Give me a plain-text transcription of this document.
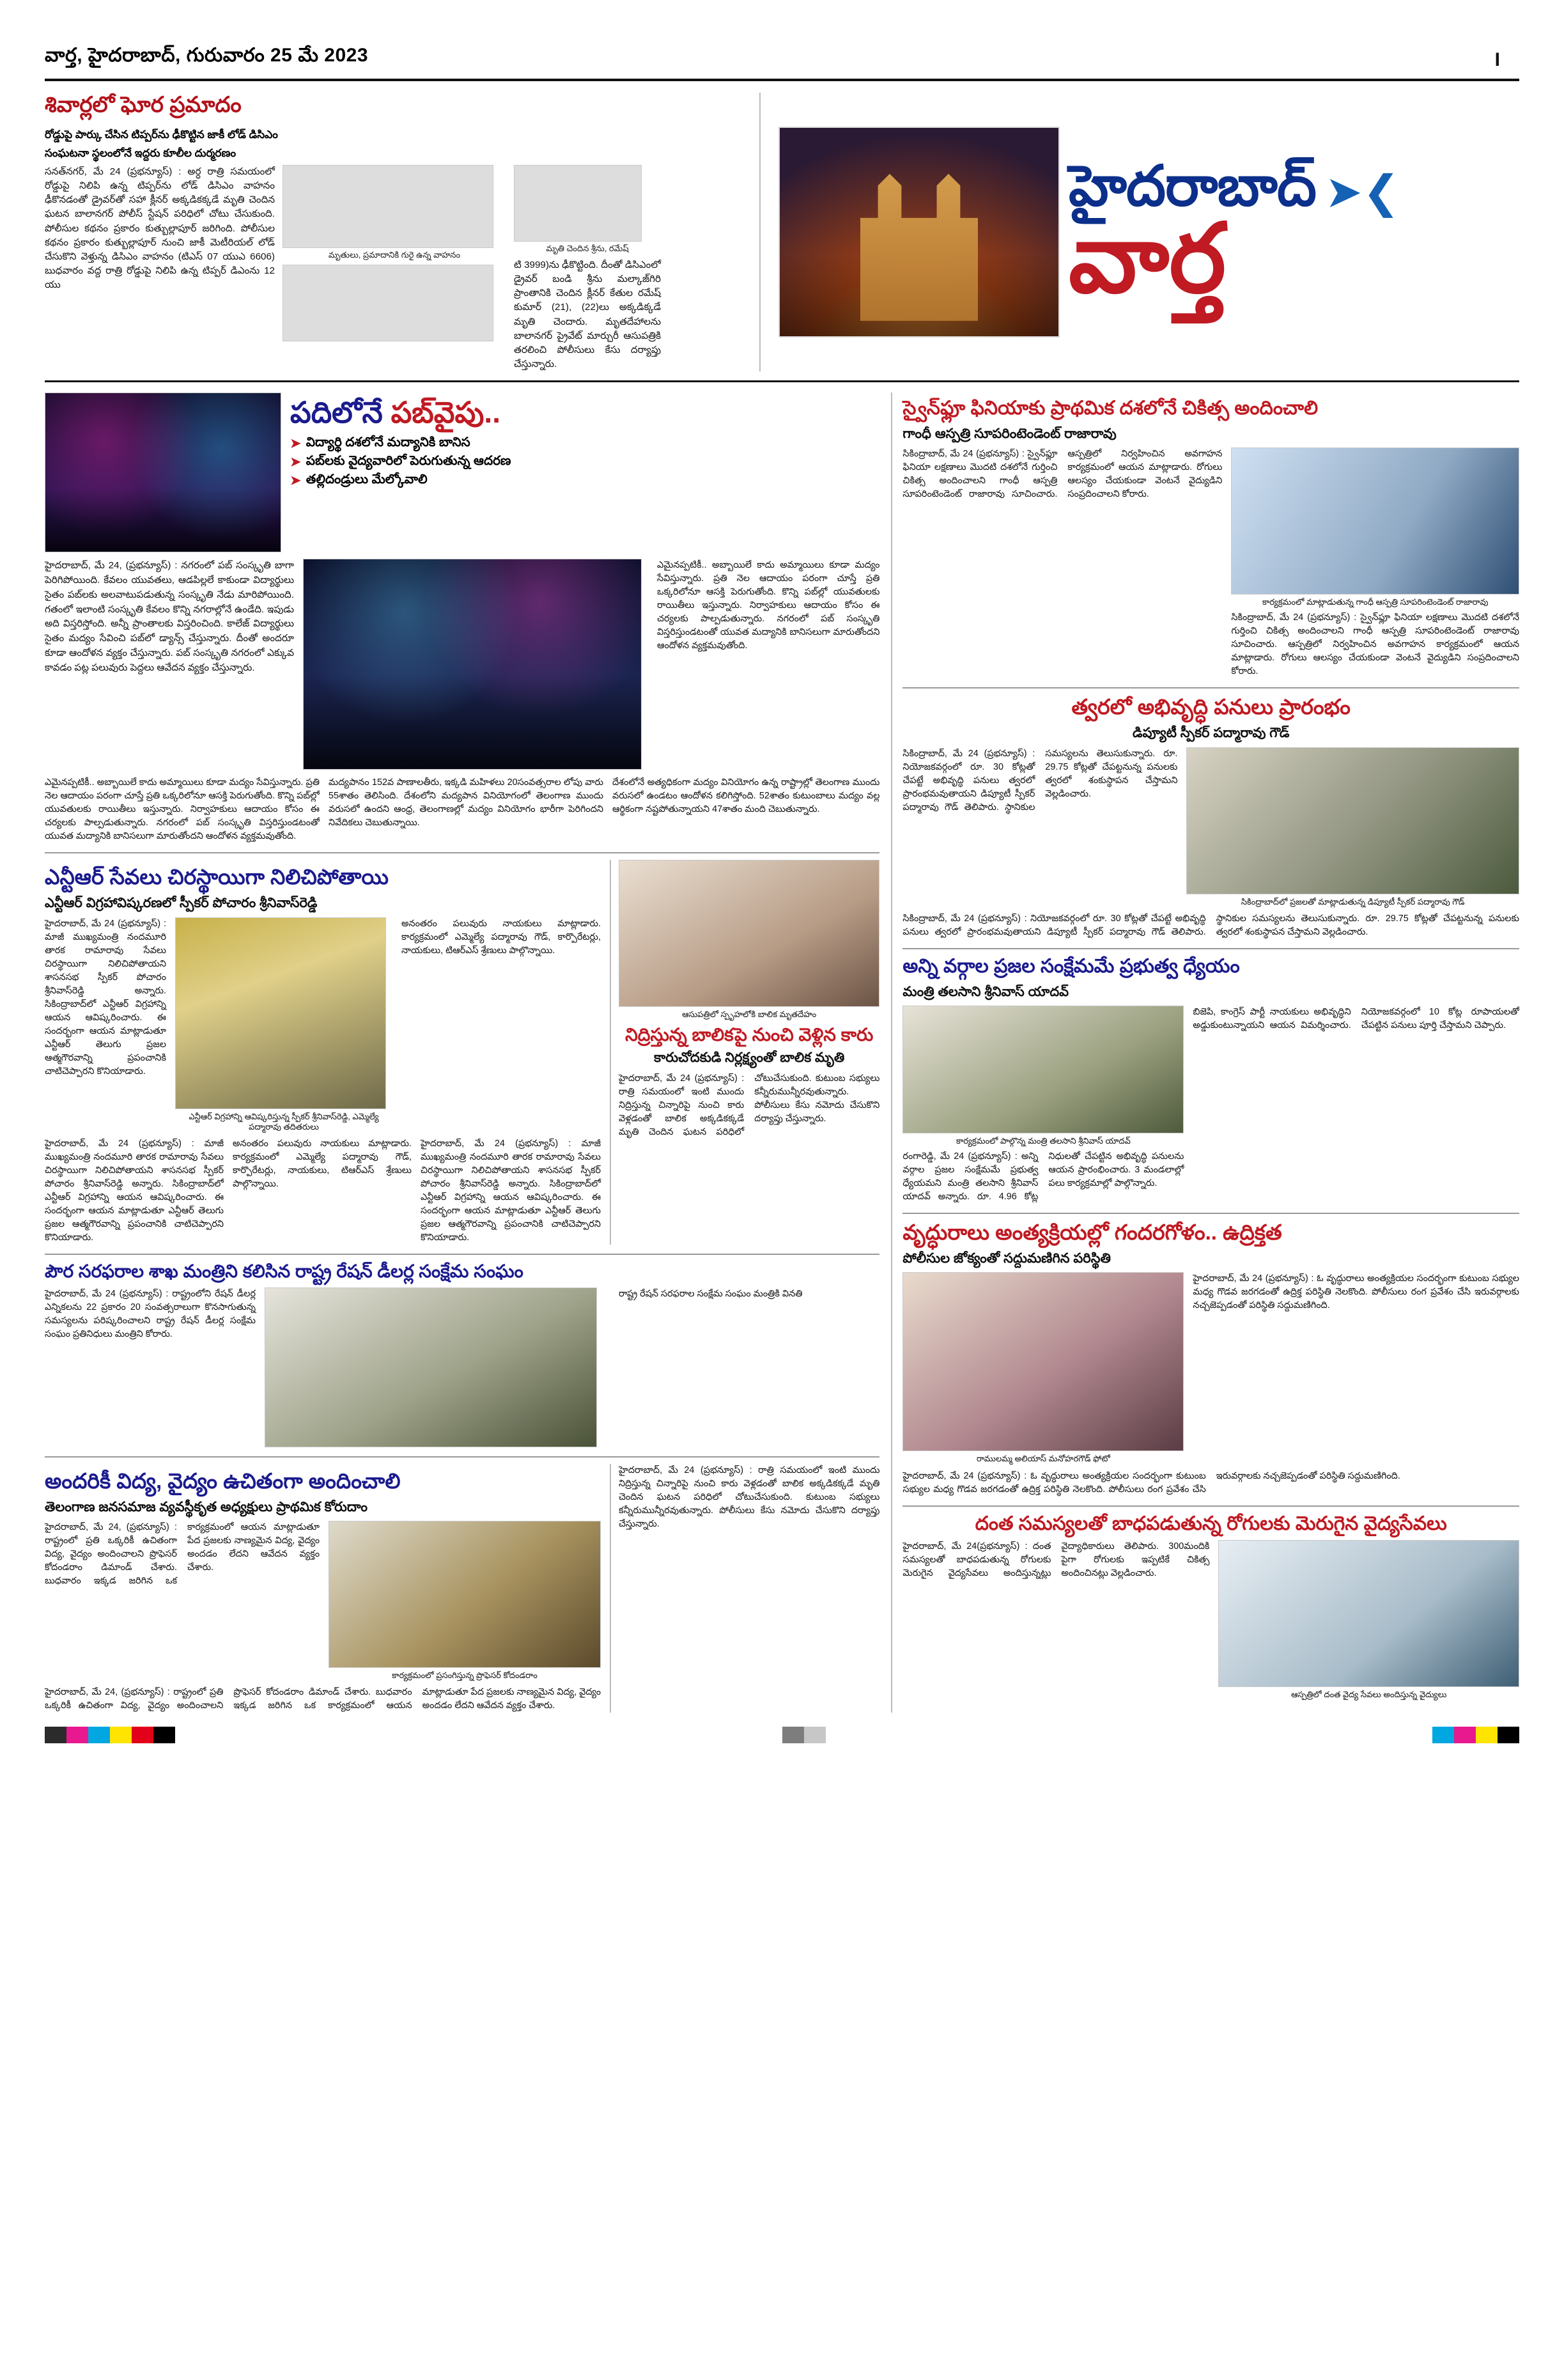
వార్త, హైదరాబాద్, గురువారం 25 మే 2023	I
శివార్లలో ఘోర ప్రమాదం
రోడ్డుపై పార్కు చేసిన టిప్పర్‌ను ఢీకొట్టిన జాకీ లోడ్ డిసిఎం
సంఘటనా స్థలంలోనే ఇద్దరు కూలీల దుర్మరణం
సనత్‌నగర్, మే 24 (ప్రభన్యూస్) : అర్ధ రాత్రి సమయంలో రోడ్డుపై నిలిపి ఉన్న టిప్పర్‌ను లోడ్ డిసిఎం వాహనం ఢీకొనడంతో డ్రైవర్‌తో సహా క్లీనర్ అక్కడికక్కడే మృతి చెందిన ఘటన బాలానగర్ పోలీస్ స్టేషన్ పరిధిలో చోటు చేసుకుంది. పోలీసుల కథనం ప్రకారం కుత్బుల్లాపూర్ జరిగింది. పోలీసుల కథనం ప్రకారం కుత్బుల్లాపూర్ నుంచి జాకీ మెటీరియల్ లోడ్ చేసుకొని వెళ్తున్న డిసిఎం వాహనం (టిఎస్ 07 యుఎ 6606) బుధవారం వద్ద రాత్రి రోడ్డుపై నిలిపి ఉన్న టిప్పర్ డిఎంను 12 యు
మృతులు, ప్రమాదానికి గురై ఉన్న వాహనం
మృతి చెందిన శ్రీను, రమేష్
టి 3999)ను ఢీకొట్టింది. దీంతో డిసిఎంలో డ్రైవర్ బండి శ్రీను మల్కాజ్‌గిరి ప్రాంతానికి చెందిన క్లీనర్ కేతుల రమేష్ కుమార్ (21), (22)లు అక్కడిక్కడే మృతి చెందారు. మృతదేహాలను బాలానగర్ ప్రైవేట్ మార్చురీ ఆసుపత్రికి తరలించి పోలీసులు కేసు దర్యాప్తు చేస్తున్నారు.
హైదరాబాద్ ➤❮
వార్త
పదిలోనే పబ్‌వైపు..
➤ విద్యార్థి దశలోనే మద్యానికి బానిస
➤ పబ్‌లకు వైద్యవారిలో పెరుగుతున్న ఆదరణ
➤ తల్లిదండ్రులు మేల్కోవాలి
హైదరాబాద్, మే 24, (ప్రభన్యూస్) : నగరంలో పబ్ సంస్కృతి బాగా పెరిగిపోయింది. కేవలం యువతలు, ఆడపిల్లలే కాకుండా విద్యార్థులు సైతం పబ్‌లకు అలవాటుపడుతున్న సంస్కృతి నేడు మారిపోయింది. గతంలో ఇలాంటి సంస్కృతి కేవలం కొన్ని నగరాల్లోనే ఉండేది. ఇపుడు అది విస్తరిస్తోంది. అన్నీ ప్రాంతాలకు విస్తరించింది. కాలేజ్ విద్యార్థులు సైతం మద్యం సేవించి పబ్‌లో డ్యాన్స్ చేస్తున్నారు. దీంతో అందరూ కూడా ఆందోళన వ్యక్తం చేస్తున్నారు. పబ్ సంస్కృతి నగరంలో ఎక్కువ కావడం పట్ల పలువురు పెద్దలు ఆవేదన వ్యక్తం చేస్తున్నారు.
ఎమైనప్పటికీ.. అబ్బాయిలే కాదు అమ్మాయిలు కూడా మద్యం సేవిస్తున్నారు. ప్రతి నెల ఆదాయం పరంగా చూస్తే ప్రతి ఒక్కరిలోనూ ఆసక్తి పెరుగుతోంది. కొన్ని పబ్‌ల్లో యువతులకు రాయితీలు ఇస్తున్నారు. నిర్వాహకులు ఆదాయం కోసం ఈ చర్యలకు పాల్పడుతున్నారు. నగరంలో పబ్ సంస్కృతి విస్తరిస్తుండటంతో యువత మద్యానికి బానిసలుగా మారుతోందని ఆందోళన వ్యక్తమవుతోంది.
ఎమైనప్పటికీ.. అబ్బాయిలే కాదు అమ్మాయిలు కూడా మద్యం సేవిస్తున్నారు. ప్రతి నెల ఆదాయం పరంగా చూస్తే ప్రతి ఒక్కరిలోనూ ఆసక్తి పెరుగుతోంది. కొన్ని పబ్‌ల్లో యువతులకు రాయితీలు ఇస్తున్నారు. నిర్వాహకులు ఆదాయం కోసం ఈ చర్యలకు పాల్పడుతున్నారు. నగరంలో పబ్ సంస్కృతి విస్తరిస్తుండటంతో యువత మద్యానికి బానిసలుగా మారుతోందని ఆందోళన వ్యక్తమవుతోంది.
మద్యపానం 152వ పాణాలతీరు, ఇక్కడి మహిళలు 20సంవత్సరాల లోపు వారు 55శాతం తెలిసింది. దేశంలోని మద్యపాన వినియోగంలో తెలంగాణ ముందు వరుసలో ఉందని ఆంధ్ర, తెలంగాణల్లో మద్యం వినియోగం భారీగా పెరిగిందని నివేదికలు చెబుతున్నాయి.
దేశంలోనే అత్యధికంగా మద్యం వినియోగం ఉన్న రాష్ట్రాల్లో తెలంగాణ ముందు వరుసలో ఉండటం ఆందోళన కలిగిస్తోంది. 52శాతం కుటుంబాలు మద్యం వల్ల ఆర్థికంగా నష్టపోతున్నాయని 47శాతం మంది చెబుతున్నారు.
ఎన్టీఆర్ సేవలు చిరస్థాయిగా నిలిచిపోతాయి
ఎన్టీఆర్ విగ్రహావిష్కరణలో స్పీకర్ పోచారం శ్రీనివాస్‌రెడ్డి
హైదరాబాద్, మే 24 (ప్రభన్యూస్) : మాజీ ముఖ్యమంత్రి నందమూరి తారక రామారావు సేవలు చిరస్థాయిగా నిలిచిపోతాయని శాసనసభ స్పీకర్ పోచారం శ్రీనివాస్‌రెడ్డి అన్నారు. సికింద్రాబాద్‌లో ఎన్టీఆర్ విగ్రహాన్ని ఆయన ఆవిష్కరించారు. ఈ సందర్భంగా ఆయన మాట్లాడుతూ ఎన్టీఆర్ తెలుగు ప్రజల ఆత్మగౌరవాన్ని ప్రపంచానికి చాటిచెప్పారని కొనియాడారు.
ఎన్టీఆర్ విగ్రహాన్ని ఆవిష్కరిస్తున్న స్పీకర్ శ్రీనివాస్‌రెడ్డి, ఎమ్మెల్యే పద్మారావు తదితరులు
అనంతరం పలువురు నాయకులు మాట్లాడారు. కార్యక్రమంలో ఎమ్మెల్యే పద్మారావు గౌడ్, కార్పొరేటర్లు, నాయకులు, టిఆర్ఎస్ శ్రేణులు పాల్గొన్నాయి.
హైదరాబాద్, మే 24 (ప్రభన్యూస్) : మాజీ ముఖ్యమంత్రి నందమూరి తారక రామారావు సేవలు చిరస్థాయిగా నిలిచిపోతాయని శాసనసభ స్పీకర్ పోచారం శ్రీనివాస్‌రెడ్డి అన్నారు. సికింద్రాబాద్‌లో ఎన్టీఆర్ విగ్రహాన్ని ఆయన ఆవిష్కరించారు. ఈ సందర్భంగా ఆయన మాట్లాడుతూ ఎన్టీఆర్ తెలుగు ప్రజల ఆత్మగౌరవాన్ని ప్రపంచానికి చాటిచెప్పారని కొనియాడారు.
అనంతరం పలువురు నాయకులు మాట్లాడారు. కార్యక్రమంలో ఎమ్మెల్యే పద్మారావు గౌడ్, కార్పొరేటర్లు, నాయకులు, టిఆర్ఎస్ శ్రేణులు పాల్గొన్నాయి.
హైదరాబాద్, మే 24 (ప్రభన్యూస్) : మాజీ ముఖ్యమంత్రి నందమూరి తారక రామారావు సేవలు చిరస్థాయిగా నిలిచిపోతాయని శాసనసభ స్పీకర్ పోచారం శ్రీనివాస్‌రెడ్డి అన్నారు. సికింద్రాబాద్‌లో ఎన్టీఆర్ విగ్రహాన్ని ఆయన ఆవిష్కరించారు. ఈ సందర్భంగా ఆయన మాట్లాడుతూ ఎన్టీఆర్ తెలుగు ప్రజల ఆత్మగౌరవాన్ని ప్రపంచానికి చాటిచెప్పారని కొనియాడారు.
ఆసుపత్రిలో స్పృహలోకి బాలిక మృతదేహం
నిద్రిస్తున్న బాలికపై నుంచి వెళ్లిన కారు
కారుచోదకుడి నిర్లక్ష్యంతో బాలిక మృతి
హైదరాబాద్, మే 24 (ప్రభన్యూస్) : రాత్రి సమయంలో ఇంటి ముందు నిద్రిస్తున్న చిన్నారిపై నుంచి కారు వెళ్లడంతో బాలిక అక్కడికక్కడే మృతి చెందిన ఘటన పరిధిలో చోటుచేసుకుంది. కుటుంబ సభ్యులు కన్నీరుమున్నీరవుతున్నారు. పోలీసులు కేసు నమోదు చేసుకొని దర్యాప్తు చేస్తున్నారు.
పౌర సరఫరాల శాఖ మంత్రిని కలిసిన రాష్ట్ర రేషన్ డీలర్ల సంక్షేమ సంఘం
హైదరాబాద్, మే 24 (ప్రభన్యూస్) : రాష్ట్రంలోని రేషన్ డీలర్ల ఎన్నికలను 22 ప్రకారం 20 సంవత్సరాలుగా కొనసాగుతున్న సమస్యలను పరిష్కరించాలని రాష్ట్ర రేషన్ డీలర్ల సంక్షేమ సంఘం ప్రతినిధులు మంత్రిని కోరారు.
రాష్ట్ర రేషన్ సరఫరాల సంక్షేమ సంఘం మంత్రికి వినతి
అందరికీ విద్య, వైద్యం ఉచితంగా అందించాలి
తెలంగాణ జనసమాజ వ్యవస్థీకృత అధ్యక్షులు ప్రాథమిక కోరుదాం
హైదరాబాద్, మే 24, (ప్రభన్యూస్) : రాష్ట్రంలో ప్రతి ఒక్కరికీ ఉచితంగా విద్య, వైద్యం అందించాలని ప్రొఫెసర్ కోదండరాం డిమాండ్ చేశారు. బుధవారం ఇక్కడ జరిగిన ఒక కార్యక్రమంలో ఆయన మాట్లాడుతూ పేద ప్రజలకు నాణ్యమైన విద్య, వైద్యం అందడం లేదని ఆవేదన వ్యక్తం చేశారు.
కార్యక్రమంలో ప్రసంగిస్తున్న ప్రొఫెసర్ కోదండరాం
హైదరాబాద్, మే 24, (ప్రభన్యూస్) : రాష్ట్రంలో ప్రతి ఒక్కరికీ ఉచితంగా విద్య, వైద్యం అందించాలని ప్రొఫెసర్ కోదండరాం డిమాండ్ చేశారు. బుధవారం ఇక్కడ జరిగిన ఒక కార్యక్రమంలో ఆయన మాట్లాడుతూ పేద ప్రజలకు నాణ్యమైన విద్య, వైద్యం అందడం లేదని ఆవేదన వ్యక్తం చేశారు.
హైదరాబాద్, మే 24 (ప్రభన్యూస్) : రాత్రి సమయంలో ఇంటి ముందు నిద్రిస్తున్న చిన్నారిపై నుంచి కారు వెళ్లడంతో బాలిక అక్కడికక్కడే మృతి చెందిన ఘటన పరిధిలో చోటుచేసుకుంది. కుటుంబ సభ్యులు కన్నీరుమున్నీరవుతున్నారు. పోలీసులు కేసు నమోదు చేసుకొని దర్యాప్తు చేస్తున్నారు.
స్వైన్‌ఫ్లూ ఫినియాకు ప్రాథమిక దశలోనే చికిత్స అందించాలి
గాంధీ ఆస్పత్రి సూపరింటెండెంట్ రాజారావు
సికింద్రాబాద్, మే 24 (ప్రభన్యూస్) : స్వైన్‌ఫ్లూ ఫినియా లక్షణాలు మొదటి దశలోనే గుర్తించి చికిత్స అందించాలని గాంధీ ఆస్పత్రి సూపరింటెండెంట్ రాజారావు సూచించారు. ఆస్పత్రిలో నిర్వహించిన అవగాహన కార్యక్రమంలో ఆయన మాట్లాడారు. రోగులు ఆలస్యం చేయకుండా వెంటనే వైద్యుడిని సంప్రదించాలని కోరారు.
కార్యక్రమంలో మాట్లాడుతున్న గాంధీ ఆస్పత్రి సూపరింటెండెంట్ రాజారావు
సికింద్రాబాద్, మే 24 (ప్రభన్యూస్) : స్వైన్‌ఫ్లూ ఫినియా లక్షణాలు మొదటి దశలోనే గుర్తించి చికిత్స అందించాలని గాంధీ ఆస్పత్రి సూపరింటెండెంట్ రాజారావు సూచించారు. ఆస్పత్రిలో నిర్వహించిన అవగాహన కార్యక్రమంలో ఆయన మాట్లాడారు. రోగులు ఆలస్యం చేయకుండా వెంటనే వైద్యుడిని సంప్రదించాలని కోరారు.
త్వరలో అభివృద్ధి పనులు ప్రారంభం
డిప్యూటీ స్పీకర్ పద్మారావు గౌడ్
సికింద్రాబాద్, మే 24 (ప్రభన్యూస్) : నియోజకవర్గంలో రూ. 30 కోట్లతో చేపట్టే అభివృద్ధి పనులు త్వరలో ప్రారంభమవుతాయని డిప్యూటీ స్పీకర్ పద్మారావు గౌడ్ తెలిపారు. స్థానికుల సమస్యలను తెలుసుకున్నారు. రూ. 29.75 కోట్లతో చేపట్టనున్న పనులకు త్వరలో శంకుస్థాపన చేస్తామని వెల్లడించారు.
సికింద్రాబాద్‌లో ప్రజలతో మాట్లాడుతున్న డిప్యూటీ స్పీకర్ పద్మారావు గౌడ్
సికింద్రాబాద్, మే 24 (ప్రభన్యూస్) : నియోజకవర్గంలో రూ. 30 కోట్లతో చేపట్టే అభివృద్ధి పనులు త్వరలో ప్రారంభమవుతాయని డిప్యూటీ స్పీకర్ పద్మారావు గౌడ్ తెలిపారు. స్థానికుల సమస్యలను తెలుసుకున్నారు. రూ. 29.75 కోట్లతో చేపట్టనున్న పనులకు త్వరలో శంకుస్థాపన చేస్తామని వెల్లడించారు.
అన్ని వర్గాల ప్రజల సంక్షేమమే ప్రభుత్వ ధ్యేయం
మంత్రి తలసాని శ్రీనివాస్ యాదవ్
కార్యక్రమంలో పాల్గొన్న మంత్రి తలసాని శ్రీనివాస్ యాదవ్
రంగారెడ్డి, మే 24 (ప్రభన్యూస్) : అన్ని వర్గాల ప్రజల సంక్షేమమే ప్రభుత్వ ధ్యేయమని మంత్రి తలసాని శ్రీనివాస్ యాదవ్ అన్నారు. రూ. 4.96 కోట్ల నిధులతో చేపట్టిన అభివృద్ధి పనులను ఆయన ప్రారంభించారు. 3 మండలాల్లో పలు కార్యక్రమాల్లో పాల్గొన్నారు.
బిజెపి, కాంగ్రెస్ పార్టీ నాయకులు అభివృద్ధిని అడ్డుకుంటున్నాయని ఆయన విమర్శించారు. నియోజకవర్గంలో 10 కోట్ల రూపాయలతో చేపట్టిన పనులు పూర్తి చేస్తామని చెప్పారు.
వృద్ధురాలు అంత్యక్రియల్లో గందరగోళం.. ఉద్రిక్తత
పోలీసుల జోక్యంతో సద్దుమణిగిన పరిస్థితి
రాములమ్మ అలియాస్ మనోహరగౌడ్ ఫోటో
హైదరాబాద్, మే 24 (ప్రభన్యూస్) : ఓ వృద్ధురాలు అంత్యక్రియల సందర్భంగా కుటుంబ సభ్యుల మధ్య గొడవ జరగడంతో ఉద్రిక్త పరిస్థితి నెలకొంది. పోలీసులు రంగ ప్రవేశం చేసి ఇరువర్గాలకు నచ్చజెప్పడంతో పరిస్థితి సద్దుమణిగింది.
హైదరాబాద్, మే 24 (ప్రభన్యూస్) : ఓ వృద్ధురాలు అంత్యక్రియల సందర్భంగా కుటుంబ సభ్యుల మధ్య గొడవ జరగడంతో ఉద్రిక్త పరిస్థితి నెలకొంది. పోలీసులు రంగ ప్రవేశం చేసి ఇరువర్గాలకు నచ్చజెప్పడంతో పరిస్థితి సద్దుమణిగింది.
దంత సమస్యలతో బాధపడుతున్న రోగులకు మెరుగైన వైద్యసేవలు
హైదరాబాద్, మే 24(ప్రభన్యూస్) : దంత సమస్యలతో బాధపడుతున్న రోగులకు మెరుగైన వైద్యసేవలు అందిస్తున్నట్లు వైద్యాధికారులు తెలిపారు. 300మందికి పైగా రోగులకు ఇప్పటికే చికిత్స అందించినట్లు వెల్లడించారు.
ఆస్పత్రిలో దంత వైద్య సేవలు అందిస్తున్న వైద్యులు
